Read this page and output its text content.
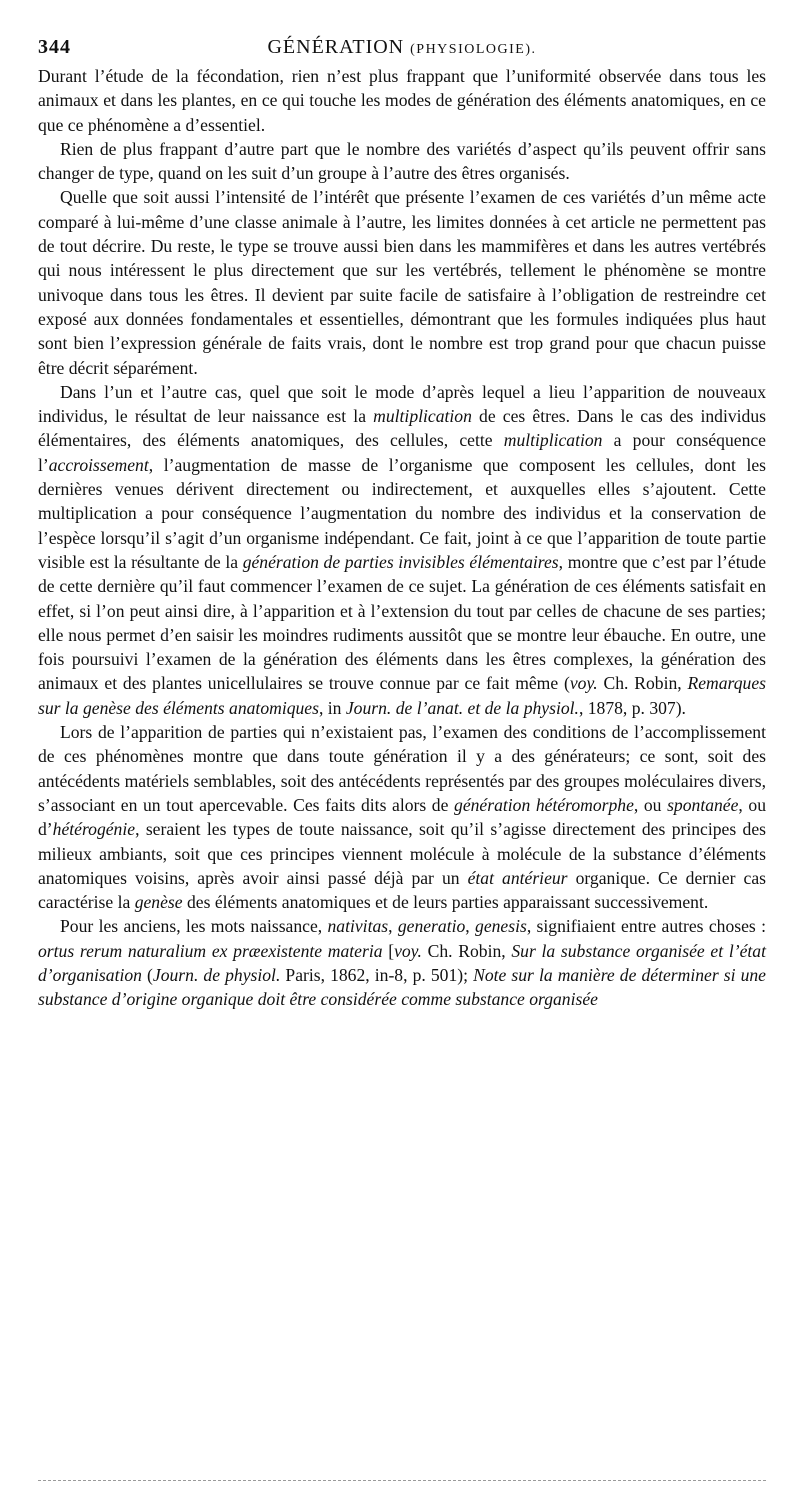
344	GÉNÉRATION (PHYSIOLOGIE).

Durant l’étude de la fécondation, rien n’est plus frappant que l’uniformité observée dans tous les animaux et dans les plantes, en ce qui touche les modes de génération des éléments anatomiques, en ce que ce phénomène a d’essentiel.

Rien de plus frappant d’autre part que le nombre des variétés d’aspect qu’ils peuvent offrir sans changer de type, quand on les suit d’un groupe à l’autre des êtres organisés.

Quelle que soit aussi l’intensité de l’intérêt que présente l’examen de ces variétés d’un même acte comparé à lui-même d’une classe animale à l’autre, les limites données à cet article ne permettent pas de tout décrire. Du reste, le type se trouve aussi bien dans les mammifères et dans les autres vertébrés qui nous intéressent le plus directement que sur les vertébrés, tellement le phénomène se montre univoque dans tous les êtres. Il devient par suite facile de satisfaire à l’obligation de restreindre cet exposé aux données fondamentales et essentielles, démontrant que les formules indiquées plus haut sont bien l’expression générale de faits vrais, dont le nombre est trop grand pour que chacun puisse être décrit séparément.

Dans l’un et l’autre cas, quel que soit le mode d’après lequel a lieu l’apparition de nouveaux individus, le résultat de leur naissance est la multiplication de ces êtres. Dans le cas des individus élémentaires, des éléments anatomiques, des cellules, cette multiplication a pour conséquence l’accroissement, l’augmentation de masse de l’organisme que composent les cellules, dont les dernières venues dérivent directement ou indirectement, et auxquelles elles s’ajoutent. Cette multiplication a pour conséquence l’augmentation du nombre des individus et la conservation de l’espèce lorsqu’il s’agit d’un organisme indépendant. Ce fait, joint à ce que l’apparition de toute partie visible est la résultante de la génération de parties invisibles élémentaires, montre que c’est par l’étude de cette dernière qu’il faut commencer l’examen de ce sujet. La génération de ces éléments satisfait en effet, si l’on peut ainsi dire, à l’apparition et à l’extension du tout par celles de chacune de ses parties; elle nous permet d’en saisir les moindres rudiments aussitôt que se montre leur ébauche. En outre, une fois poursuivi l’examen de la génération des éléments dans les êtres complexes, la génération des animaux et des plantes unicellulaires se trouve connue par ce fait même (voy. Ch. Robin, Remarques sur la genèse des éléments anatomiques, in Journ. de l’anat. et de la physiol., 1878, p. 307).

Lors de l’apparition de parties qui n’existaient pas, l’examen des conditions de l’accomplissement de ces phénomènes montre que dans toute génération il y a des générateurs; ce sont, soit des antécédents matériels semblables, soit des antécédents représentés par des groupes moléculaires divers, s’associant en un tout apercevable. Ces faits dits alors de génération hétéromorphe, ou spontanée, ou d’hétérogénie, seraient les types de toute naissance, soit qu’il s’agisse directement des principes des milieux ambiants, soit que ces principes viennent molécule à molécule de la substance d’éléments anatomiques voisins, après avoir ainsi passé déjà par un état antérieur organique. Ce dernier cas caractérise la genèse des éléments anatomiques et de leurs parties apparaissant successivement.

Pour les anciens, les mots naissance, nativitas, generatio, genesis, signifiaient entre autres choses : ortus rerum naturalium ex præexistente materia [voy. Ch. Robin, Sur la substance organisée et l’état d’organisation (Journ. de physiol. Paris, 1862, in-8, p. 501); Note sur la manière de déterminer si une substance d’origine organique doit être considérée comme substance organisée
